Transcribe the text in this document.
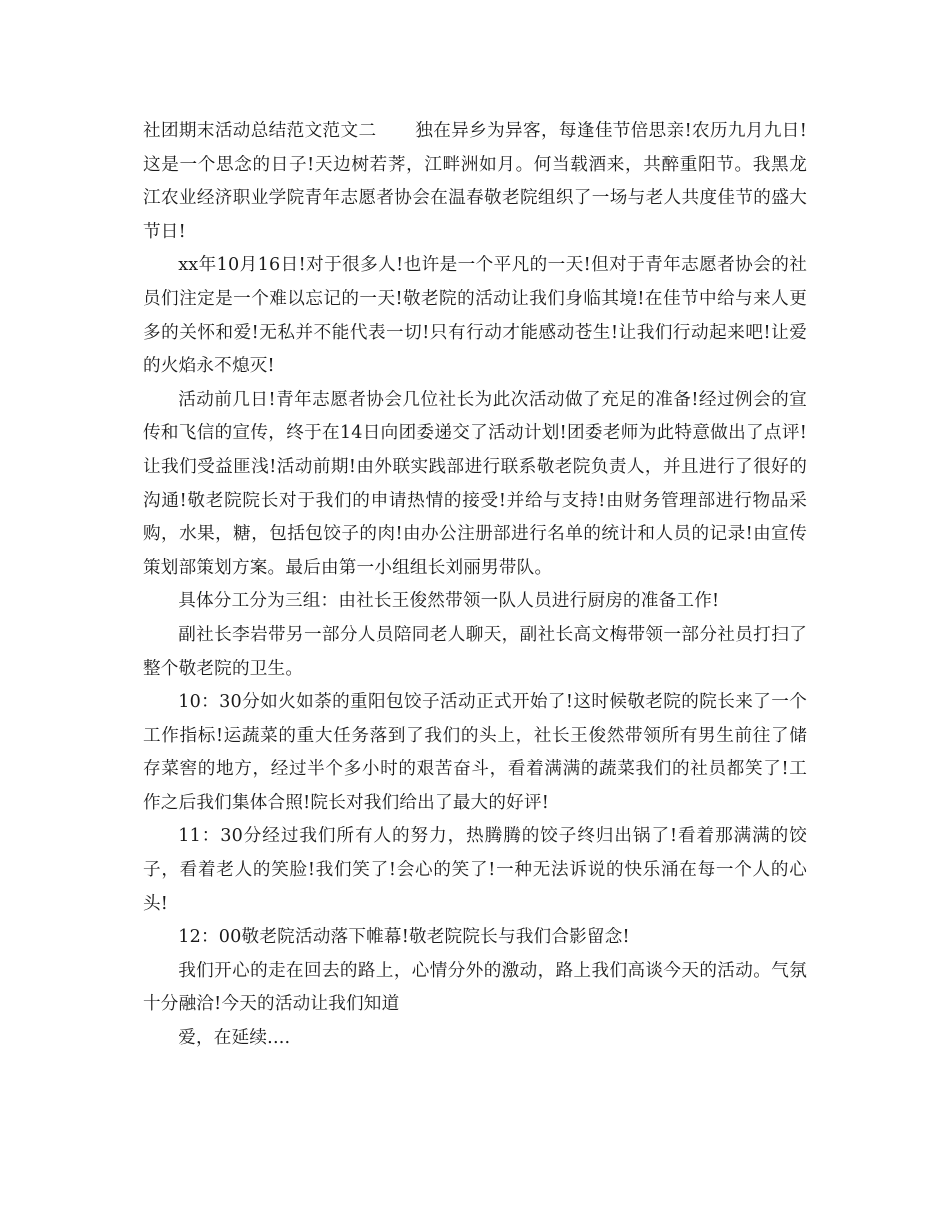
社团期末活动总结范文范文二 独在异乡为异客，每逢佳节倍思亲!农历九月九日!这是一个思念的日子!天边树若荠，江畔洲如月。何当载酒来，共醉重阳节。我黑龙江农业经济职业学院青年志愿者协会在温春敬老院组织了一场与老人共度佳节的盛大节日!

xx年10月16日!对于很多人!也许是一个平凡的一天!但对于青年志愿者协会的社员们注定是一个难以忘记的一天!敬老院的活动让我们身临其境!在佳节中给与来人更多的关怀和爱!无私并不能代表一切!只有行动才能感动苍生!让我们行动起来吧!让爱的火焰永不熄灭!

活动前几日!青年志愿者协会几位社长为此次活动做了充足的准备!经过例会的宣传和飞信的宣传，终于在14日向团委递交了活动计划!团委老师为此特意做出了点评!让我们受益匪浅!活动前期!由外联实践部进行联系敬老院负责人，并且进行了很好的沟通!敬老院院长对于我们的申请热情的接受!并给与支持!由财务管理部进行物品采购，水果，糖，包括包饺子的肉!由办公注册部进行名单的统计和人员的记录!由宣传策划部策划方案。最后由第一小组组长刘丽男带队。

具体分工分为三组：由社长王俊然带领一队人员进行厨房的准备工作!

副社长李岩带另一部分人员陪同老人聊天，副社长高文梅带领一部分社员打扫了整个敬老院的卫生。

10：30分如火如荼的重阳包饺子活动正式开始了!这时候敬老院的院长来了一个工作指标!运蔬菜的重大任务落到了我们的头上，社长王俊然带领所有男生前往了储存菜窖的地方，经过半个多小时的艰苦奋斗，看着满满的蔬菜我们的社员都笑了!工作之后我们集体合照!院长对我们给出了最大的好评!

11：30分经过我们所有人的努力，热腾腾的饺子终归出锅了!看着那满满的饺子，看着老人的笑脸!我们笑了!会心的笑了!一种无法诉说的快乐涌在每一个人的心头!

12：00敬老院活动落下帷幕!敬老院院长与我们合影留念!

我们开心的走在回去的路上，心情分外的激动，路上我们高谈今天的活动。气氛十分融洽!今天的活动让我们知道

爱，在延续....
